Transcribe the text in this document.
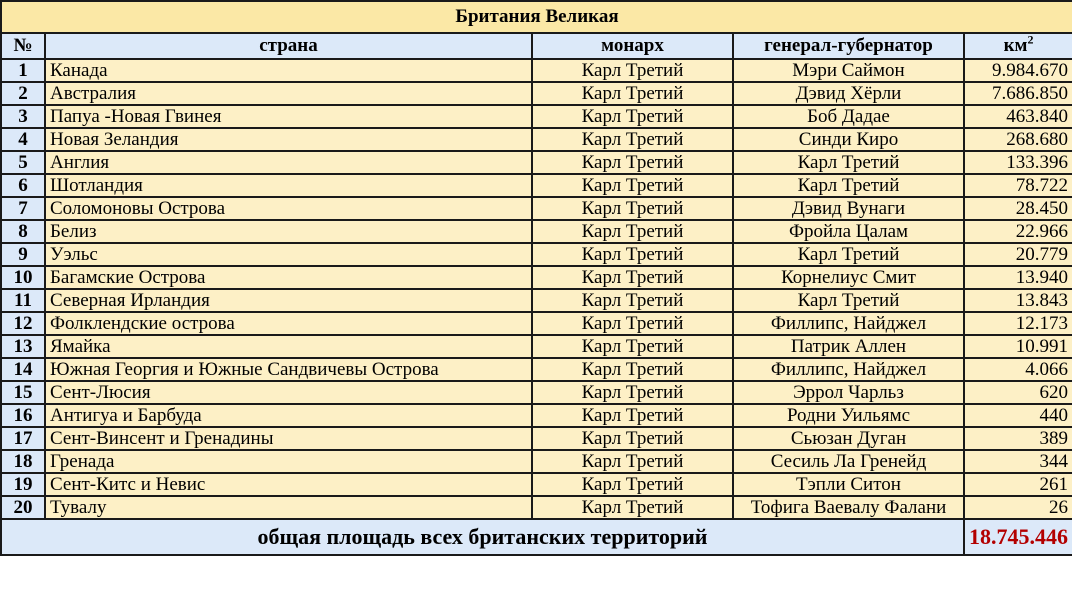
Британия Великая				
№	страна	монарх	генерал-губернатор	$км^2$
1	Канада	Карл Третий	Мэри Саймон	9.984.670
2	Австралия	Карл Третий	Дэвид Хёрли	7.686.850
3	Папуа -Новая Гвинея	Карл Третий	Боб Дадае	463.840
4	Новая Зеландия	Карл Третий	Синди Киро	268.680
5	Англия	Карл Третий	Карл Третий	133.396
6	Шотландия	Карл Третий	Карл Третий	78.722
7	Соломоновы Острова	Карл Третий	Дэвид Вунаги	28.450
8	Белиз	Карл Третий	Фройла Цалам	22.966
9	Уэльс	Карл Третий	Карл Третий	20.779
10	Багамские Острова	Карл Третий	Корнелиус Смит	13.940
11	Северная Ирландия	Карл Третий	Карл Третий	13.843
12	Фолклендские острова	Карл Третий	Филлипс, Найджел	12.173
13	Ямайка	Карл Третий	Патрик Аллен	10.991
14	Южная Георгия и Южные Сандвичевы Острова	Карл Третий	Филлипс, Найджел	4.066
15	Сент-Люсия	Карл Третий	Эррол Чарльз	620
16	Антигуа и Барбуда	Карл Третий	Родни Уильямс	440
17	Сент-Винсент и Гренадины	Карл Третий	Сьюзан Дуган	389
18	Гренада	Карл Третий	Сесиль Ла Гренейд	344
19	Сент-Китс и Невис	Карл Третий	Тэпли Ситон	261
20	Тувалу	Карл Третий	Тофига Ваевалу Фалани	26
общая площадь всех британских территорий				18.745.446
